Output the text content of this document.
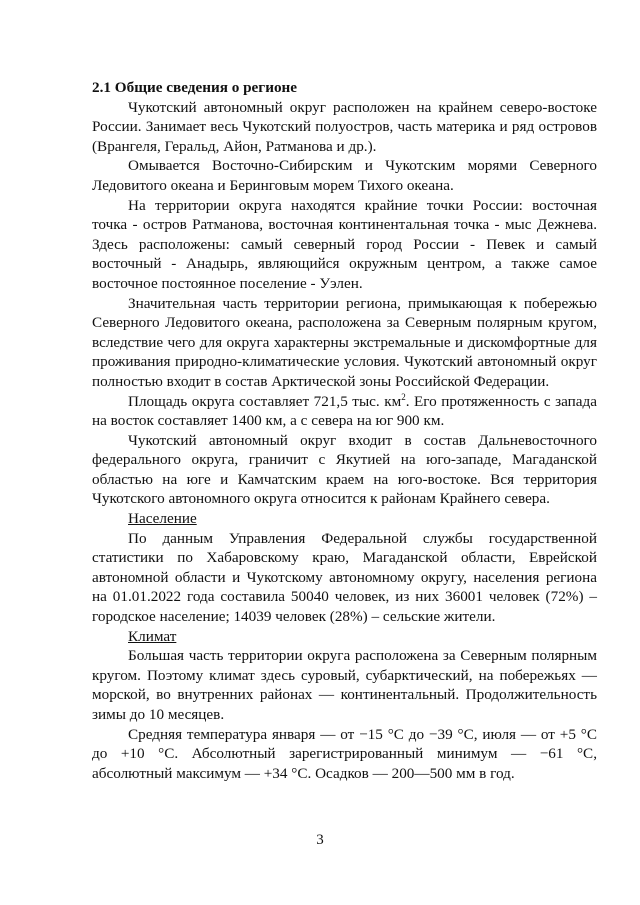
2.1 Общие сведения о регионе

Чукотский автономный округ расположен на крайнем северо-востоке России. Занимает весь Чукотский полуостров, часть материка и ряд островов (Врангеля, Геральд, Айон, Ратманова и др.).

Омывается Восточно-Сибирским и Чукотским морями Северного Ледовитого океана и Беринговым морем Тихого океана.

На территории округа находятся крайние точки России: восточная точка - остров Ратманова, восточная континентальная точка - мыс Дежнева. Здесь расположены: самый северный город России - Певек и самый восточный - Анадырь, являющийся окружным центром, а также самое восточное постоянное поселение - Уэлен.

Значительная часть территории региона, примыкающая к побережью Северного Ледовитого океана, расположена за Северным полярным кругом, вследствие чего для округа характерны экстремальные и дискомфортные для проживания природно-климатические условия. Чукотский автономный округ полностью входит в состав Арктической зоны Российской Федерации.

Площадь округа составляет 721,5 тыс. $км^2$. Его протяженность с запада на восток составляет 1400 км, а с севера на юг 900 км.

Чукотский автономный округ входит в состав Дальневосточного федерального округа, граничит с Якутией на юго-западе, Магаданской областью на юге и Камчатским краем на юго-востоке. Вся территория Чукотского автономного округа относится к районам Крайнего севера.

Население

По данным Управления Федеральной службы государственной статистики по Хабаровскому краю, Магаданской области, Еврейской автономной области и Чукотскому автономному округу, населения региона на 01.01.2022 года составила 50040 человек, из них 36001 человек (72%) – городское население; 14039 человек (28%) – сельские жители.

Климат

Большая часть территории округа расположена за Северным полярным кругом. Поэтому климат здесь суровый, субарктический, на побережьях — морской, во внутренних районах — континентальный. Продолжительность зимы до 10 месяцев.

Средняя температура января — от −15 °C до −39 °C, июля — от +5 °C до +10 °C. Абсолютный зарегистрированный минимум — −61 °C, абсолютный максимум — +34 °C. Осадков — 200—500 мм в год.

3
